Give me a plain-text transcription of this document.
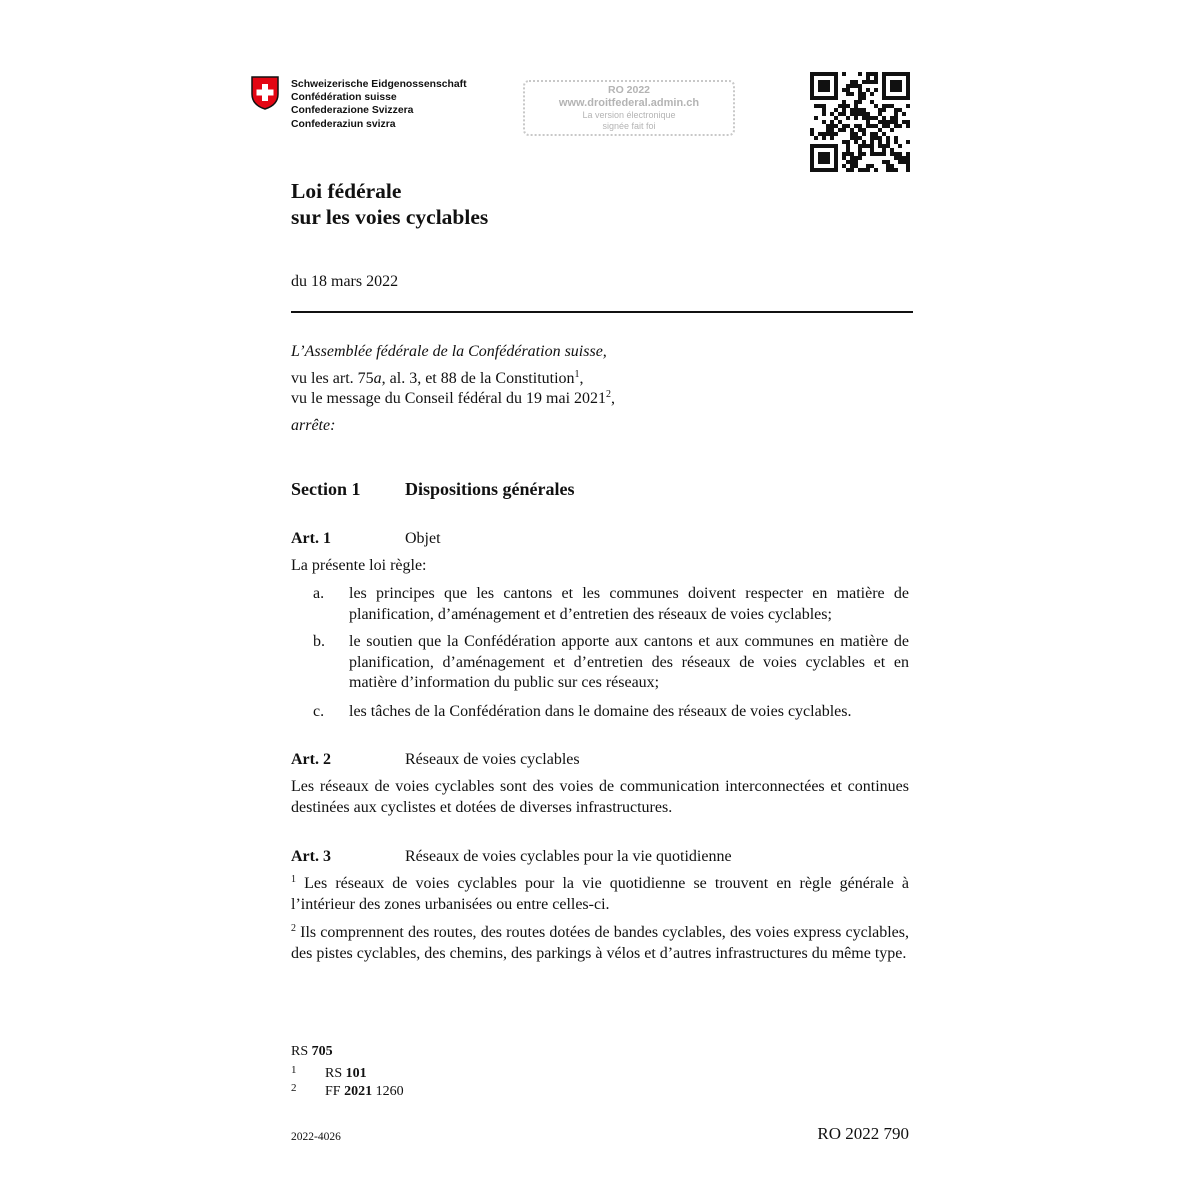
Schweizerische Eidgenossenschaft
Confédération suisse
Confederazione Svizzera
Confederaziun svizra
RO 2022
www.droitfederal.admin.ch
La version électronique
signée fait foi
Loi fédérale
sur les voies cyclables
du 18 mars 2022
L’Assemblée fédérale de la Confédération suisse,
vu les art. 75a, al. 3, et 88 de la Constitution$^1$,
vu le message du Conseil fédéral du 19 mai 2021$^2$,
arrête:
Section 1 Dispositions générales
Art. 1	Objet
La présente loi règle:
a. les principes que les cantons et les communes doivent respecter en matière de planification, d’aménagement et d’entretien des réseaux de voies cyclables;
b. le soutien que la Confédération apporte aux cantons et aux communes en matière de planification, d’aménagement et d’entretien des réseaux de voies cyclables et en matière d’information du public sur ces réseaux;
c. les tâches de la Confédération dans le domaine des réseaux de voies cyclables.
Art. 2	Réseaux de voies cyclables
Les réseaux de voies cyclables sont des voies de communication interconnectées et continues destinées aux cyclistes et dotées de diverses infrastructures.
Art. 3	Réseaux de voies cyclables pour la vie quotidienne
$^1$ Les réseaux de voies cyclables pour la vie quotidienne se trouvent en règle générale à l’intérieur des zones urbanisées ou entre celles-ci.
$^2$ Ils comprennent des routes, des routes dotées de bandes cyclables, des voies express cyclables, des pistes cyclables, des chemins, des parkings à vélos et d’autres infrastructures du même type.
RS 705
1 RS 101
2 FF 2021 1260
2022-4026	RO 2022 790
